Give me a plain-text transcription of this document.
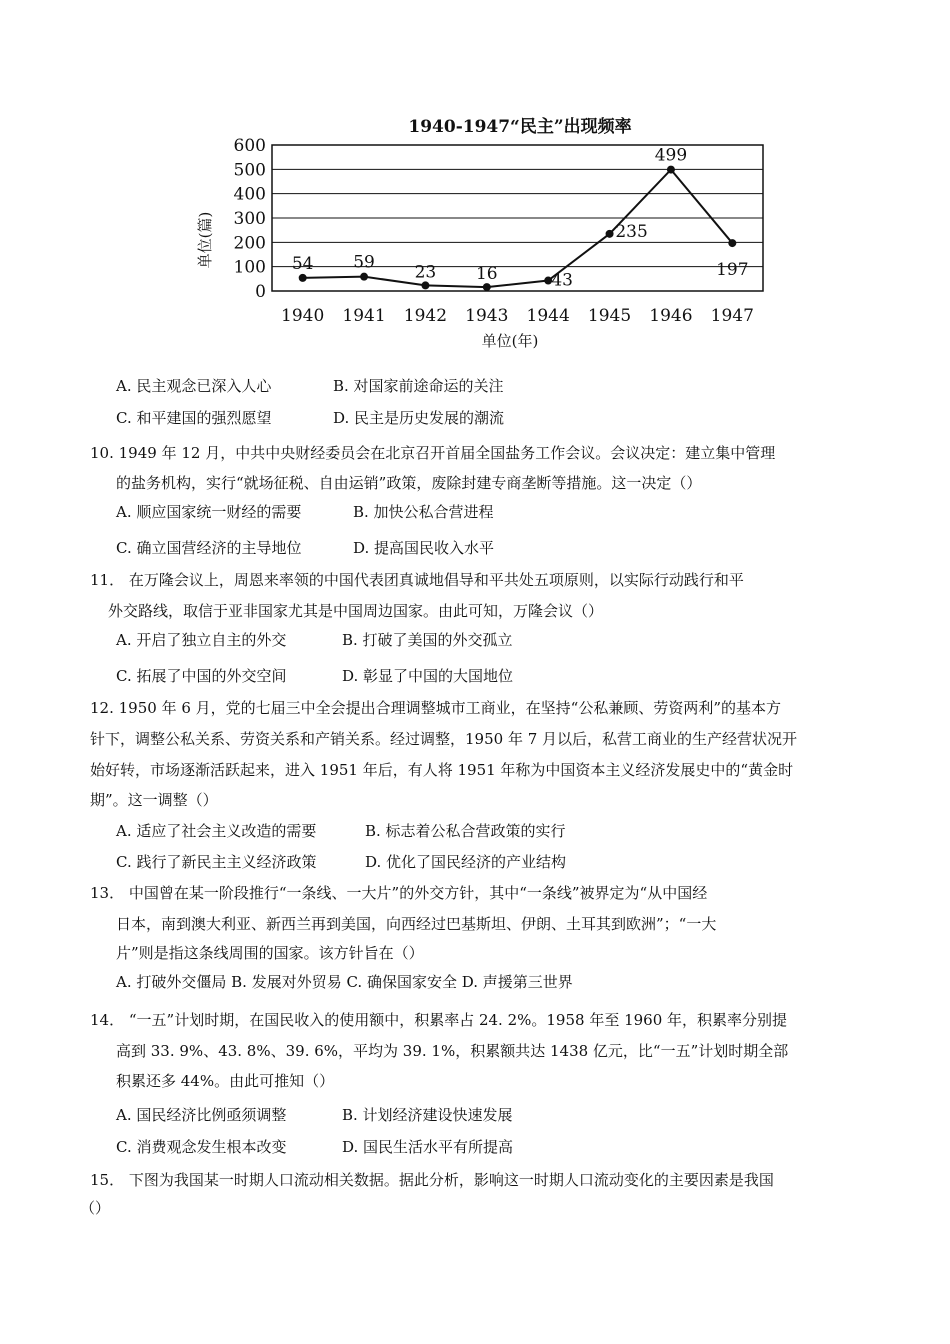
1940-1947“民主”出现频率
0
100
200
300
400
500
600
1940 1941 1942 1943 1944 1945 1946 1947
54 59 23 16	43
235
499
197
单位(篇)
单位(年)
A. 民主观念已深入人心	B. 对国家前途命运的关注
C. 和平建国的强烈愿望	D. 民主是历史发展的潮流
10. 1949 年 12 月，中共中央财经委员会在北京召开首届全国盐务工作会议。会议决定：建立集中管理
的盐务机构，实行“就场征税、自由运销”政策，废除封建专商垄断等措施。这一决定（）
A. 顺应国家统一财经的需要	B. 加快公私合营进程
C. 确立国营经济的主导地位	D. 提高国民收入水平
11． 在万隆会议上，周恩来率领的中国代表团真诚地倡导和平共处五项原则，以实际行动践行和平
外交路线，取信于亚非国家尤其是中国周边国家。由此可知，万隆会议（）
A. 开启了独立自主的外交	B. 打破了美国的外交孤立
C. 拓展了中国的外交空间	D. 彰显了中国的大国地位
12. 1950 年 6 月，党的七届三中全会提出合理调整城市工商业，在坚持“公私兼顾、劳资两利”的基本方
针下，调整公私关系、劳资关系和产销关系。经过调整，1950 年 7 月以后，私营工商业的生产经营状况开
始好转，市场逐渐活跃起来，进入 1951 年后，有人将 1951 年称为中国资本主义经济发展史中的“黄金时
期”。这一调整（）
A. 适应了社会主义改造的需要	B. 标志着公私合营政策的实行
C. 践行了新民主主义经济政策	D. 优化了国民经济的产业结构
13． 中国曾在某一阶段推行“一条线、一大片”的外交方针，其中“一条线”被界定为“从中国经
日本，南到澳大利亚、新西兰再到美国，向西经过巴基斯坦、伊朗、土耳其到欧洲”；“一大
片”则是指这条线周围的国家。该方针旨在（）
A. 打破外交僵局 B. 发展对外贸易 C. 确保国家安全 D. 声援第三世界
14． “一五”计划时期，在国民收入的使用额中，积累率占 24. 2%。1958 年至 1960 年，积累率分别提
高到 33. 9%、43. 8%、39. 6%，平均为 39. 1%，积累额共达 1438 亿元，比“一五”计划时期全部
积累还多 44%。由此可推知（）
A. 国民经济比例亟须调整	B. 计划经济建设快速发展
C. 消费观念发生根本改变	D. 国民生活水平有所提高
15． 下图为我国某一时期人口流动相关数据。据此分析，影响这一时期人口流动变化的主要因素是我国
（）
